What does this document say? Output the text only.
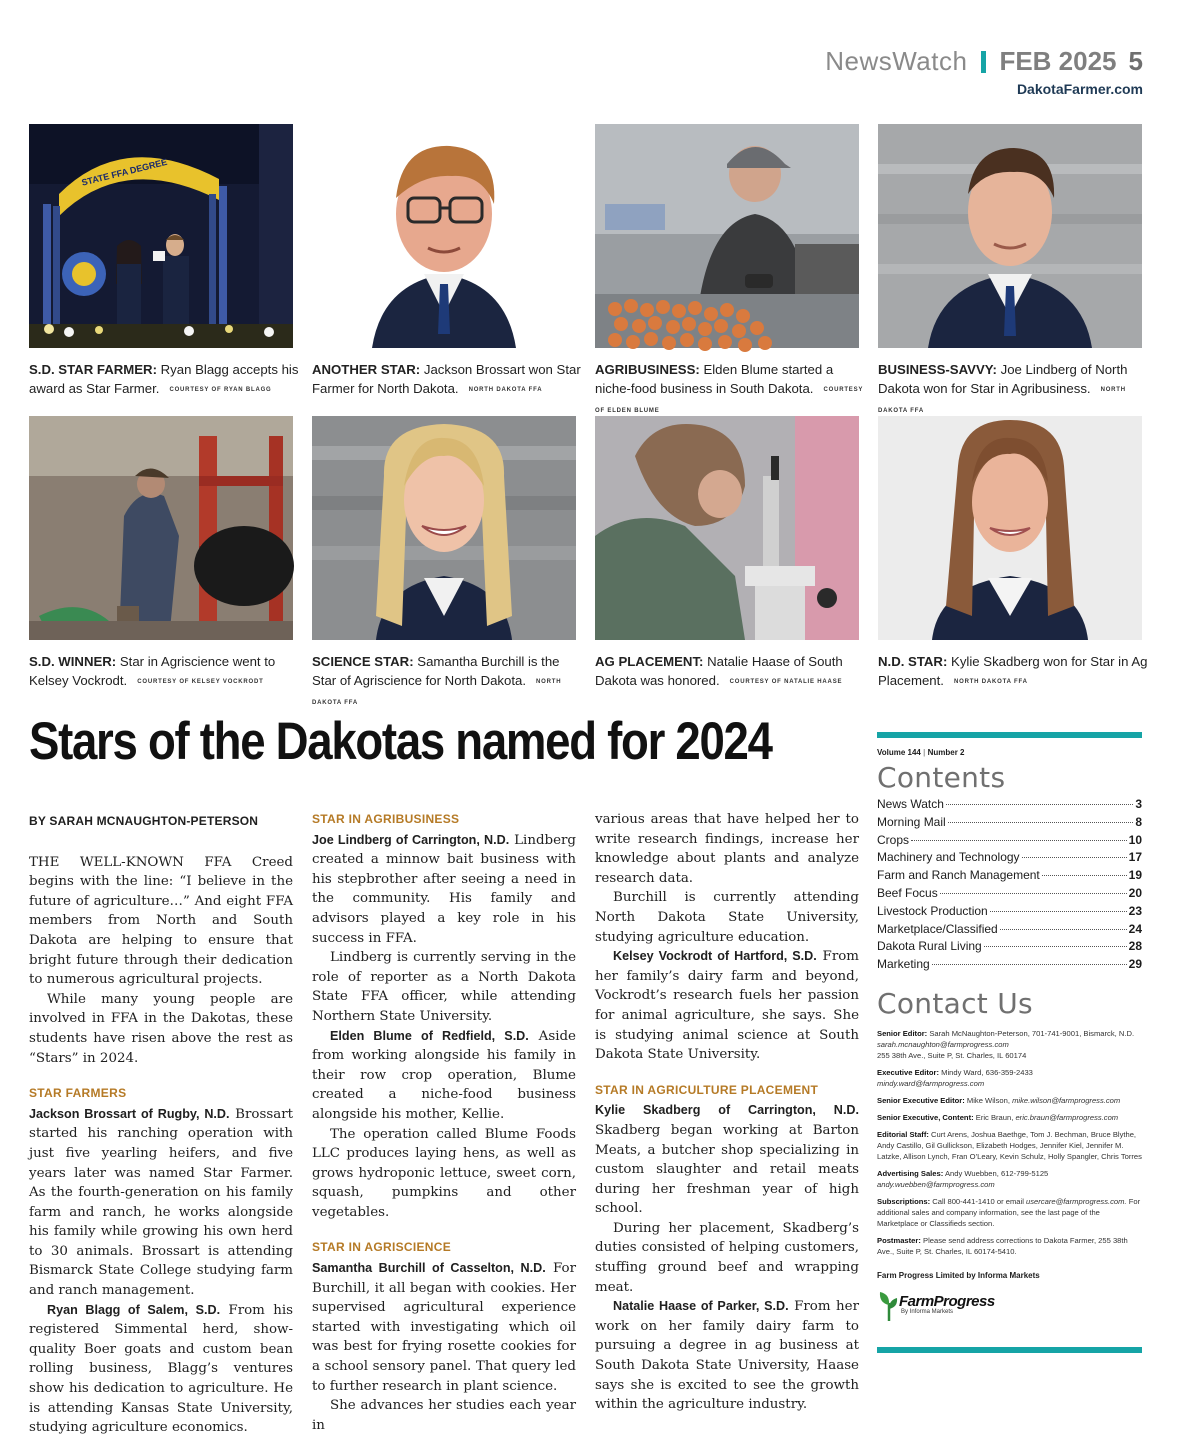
NewsWatch FEB 2025 5
DakotaFarmer.com
STATE FFA DEGREE
S.D. STAR FARMER: Ryan Blagg accepts his award as Star Farmer. COURTESY OF RYAN BLAGG
ANOTHER STAR: Jackson Brossart won Star Farmer for North Dakota. NORTH DAKOTA FFA
AGRIBUSINESS: Elden Blume started a niche-food business in South Dakota. COURTESY OF ELDEN BLUME
BUSINESS-SAVVY: Joe Lindberg of North Dakota won for Star in Agribusiness. NORTH DAKOTA FFA
S.D. WINNER: Star in Agriscience went to Kelsey Vockrodt. COURTESY OF KELSEY VOCKRODT
SCIENCE STAR: Samantha Burchill is the Star of Agriscience for North Dakota. NORTH DAKOTA FFA
AG PLACEMENT: Natalie Haase of South Dakota was honored. COURTESY OF NATALIE HAASE
N.D. STAR: Kylie Skadberg won for Star in Ag Placement. NORTH DAKOTA FFA
Stars of the Dakotas named for 2024
BY SARAH MCNAUGHTON-PETERSON

THE WELL-KNOWN FFA Creed begins with the line: “I believe in the future of agriculture…” And eight FFA members from North and South Dakota are helping to ensure that bright future through their dedication to numerous agricultural projects.

While many young people are involved in FFA in the Dakotas, these students have risen above the rest as “Stars” in 2024.

STAR FARMERS

Jackson Brossart of Rugby, N.D. Brossart started his ranching operation with just five yearling heifers, and five years later was named Star Farmer. As the fourth-generation on his family farm and ranch, he works alongside his family while growing his own herd to 30 animals. Brossart is attending Bismarck State College studying farm and ranch management.

Ryan Blagg of Salem, S.D. From his registered Simmental herd, show-quality Boer goats and custom bean rolling business, Blagg’s ventures show his dedication to agriculture. He is attending Kansas State University, studying agriculture economics.

STAR IN AGRIBUSINESS

Joe Lindberg of Carrington, N.D. Lindberg created a minnow bait business with his stepbrother after seeing a need in the community. His family and advisors played a key role in his success in FFA.

Lindberg is currently serving in the role of reporter as a North Dakota State FFA officer, while attending Northern State University.

Elden Blume of Redfield, S.D. Aside from working alongside his family in their row crop operation, Blume created a niche-food business alongside his mother, Kellie.

The operation called Blume Foods LLC produces laying hens, as well as grows hydroponic lettuce, sweet corn, squash, pumpkins and other vegetables.

STAR IN AGRISCIENCE

Samantha Burchill of Casselton, N.D. For Burchill, it all began with cookies. Her supervised agricultural experience started with investigating which oil was best for frying rosette cookies for a school sensory panel. That query led to further research in plant science.

She advances her studies each year in

various areas that have helped her to write research findings, increase her knowledge about plants and analyze research data.

Burchill is currently attending North Dakota State University, studying agriculture education.

Kelsey Vockrodt of Hartford, S.D. From her family’s dairy farm and beyond, Vockrodt’s research fuels her passion for animal agriculture, she says. She is studying animal science at South Dakota State University.

STAR IN AGRICULTURE PLACEMENT

Kylie Skadberg of Carrington, N.D. Skadberg began working at Barton Meats, a butcher shop specializing in custom slaughter and retail meats during her freshman year of high school.

During her placement, Skadberg’s duties consisted of helping customers, stuffing ground beef and wrapping meat.

Natalie Haase of Parker, S.D. From her work on her family dairy farm to pursuing a degree in ag business at South Dakota State University, Haase says she is excited to see the growth within the agriculture industry.

Volume 144 | Number 2
Contents
News Watch	3
Morning Mail	8
Crops	10
Machinery and Technology	17
Farm and Ranch Management	19
Beef Focus	20
Livestock Production	23
Marketplace/Classified	24
Dakota Rural Living	28
Marketing	29
Contact Us
Senior Editor: Sarah McNaughton-Peterson, 701-741-9001, Bismarck, N.D.
sarah.mcnaughton@farmprogress.com
255 38th Ave., Suite P, St. Charles, IL 60174
Executive Editor: Mindy Ward, 636-359-2433
mindy.ward@farmprogress.com
Senior Executive Editor: Mike Wilson, mike.wilson@farmprogress.com
Senior Executive, Content: Eric Braun, eric.braun@farmprogress.com
Editorial Staff: Curt Arens, Joshua Baethge, Tom J. Bechman, Bruce Blythe, Andy Castillo, Gil Gullickson, Elizabeth Hodges, Jennifer Kiel, Jennifer M. Latzke, Allison Lynch, Fran O’Leary, Kevin Schulz, Holly Spangler, Chris Torres
Advertising Sales: Andy Wuebben, 612-799-5125
andy.wuebben@farmprogress.com
Subscriptions: Call 800-441-1410 or email usercare@farmprogress.com. For additional sales and company information, see the last page of the Marketplace or Classifieds section.
Postmaster: Please send address corrections to Dakota Farmer, 255 38th Ave., Suite P, St. Charles, IL 60174-5410.
Farm Progress Limited by Informa Markets
FarmProgress
By Informa Markets
